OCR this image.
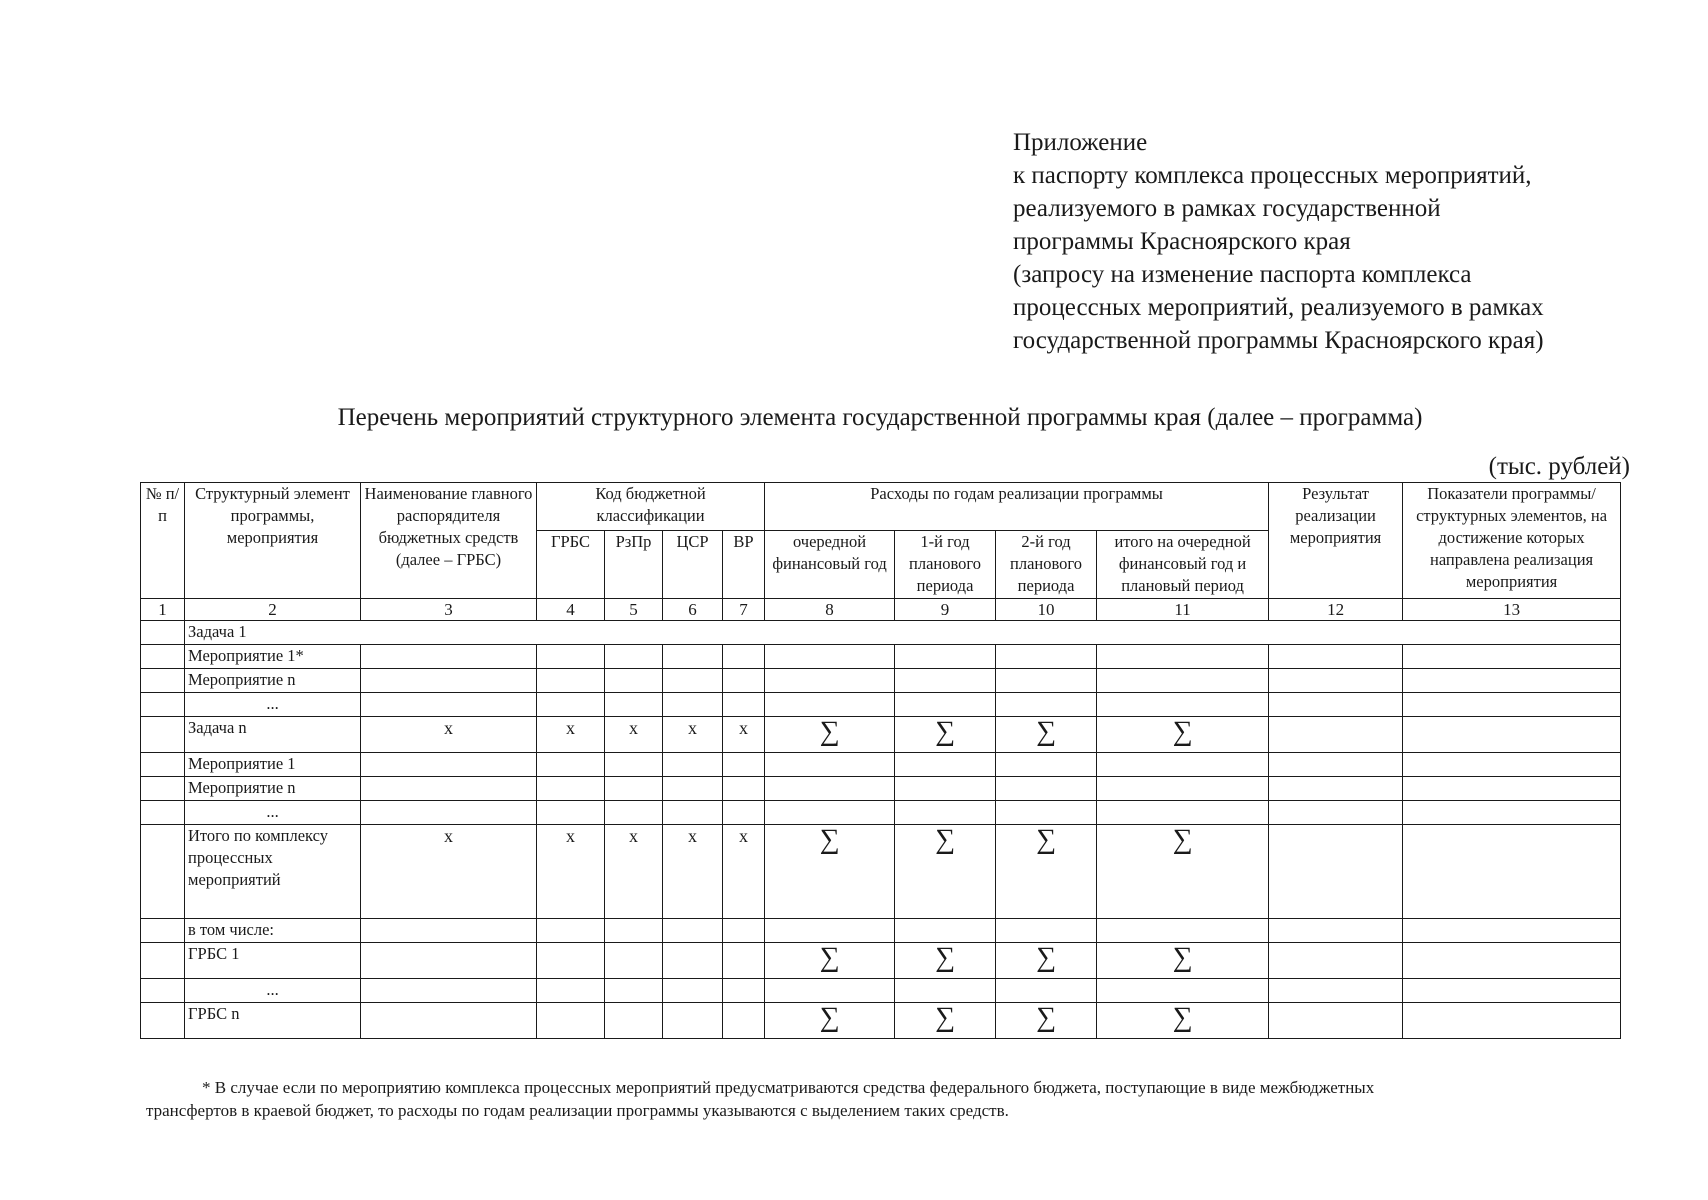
Приложение
к паспорту комплекса процессных мероприятий,
реализуемого в рамках государственной
программы Красноярского края
(запросу на изменение паспорта комплекса
процессных мероприятий, реализуемого в рамках
государственной программы Красноярского края)
Перечень мероприятий структурного элемента государственной программы края (далее – программа)
(тыс. рублей)
№ п/п	Структурный элемент программы, мероприятия	Наименование главного распорядителя бюджетных средств (далее – ГРБС)	Код бюджетной классификации				Расходы по годам реализации программы				Результат реализации мероприятия	Показатели программы/ структурных элементов, на достижение которых направлена реализация мероприятия
			ГРБС	РзПр	ЦСР	ВР	очередной финансовый год	1-й год планового периода	2-й год планового периода	итого на очередной финансовый год и плановый период		
1	2	3	4	5	6	7	8	9	10	11	12	13
	Задача 1											
	Мероприятие 1*											
	Мероприятие n											
	...											
	Задача n	x	x	x	x	x	∑	∑	∑	∑		
	Мероприятие 1											
	Мероприятие n											
	...											
	Итого по комплексу процессных мероприятий	x	x	x	x	x	∑	∑	∑	∑		
	в том числе:											
	ГРБС 1						∑	∑	∑	∑		
	...											
	ГРБС n						∑	∑	∑	∑		
* В случае если по мероприятию комплекса процессных мероприятий предусматриваются средства федерального бюджета, поступающие в виде межбюджетных
трансфертов в краевой бюджет, то расходы по годам реализации программы указываются с выделением таких средств.
